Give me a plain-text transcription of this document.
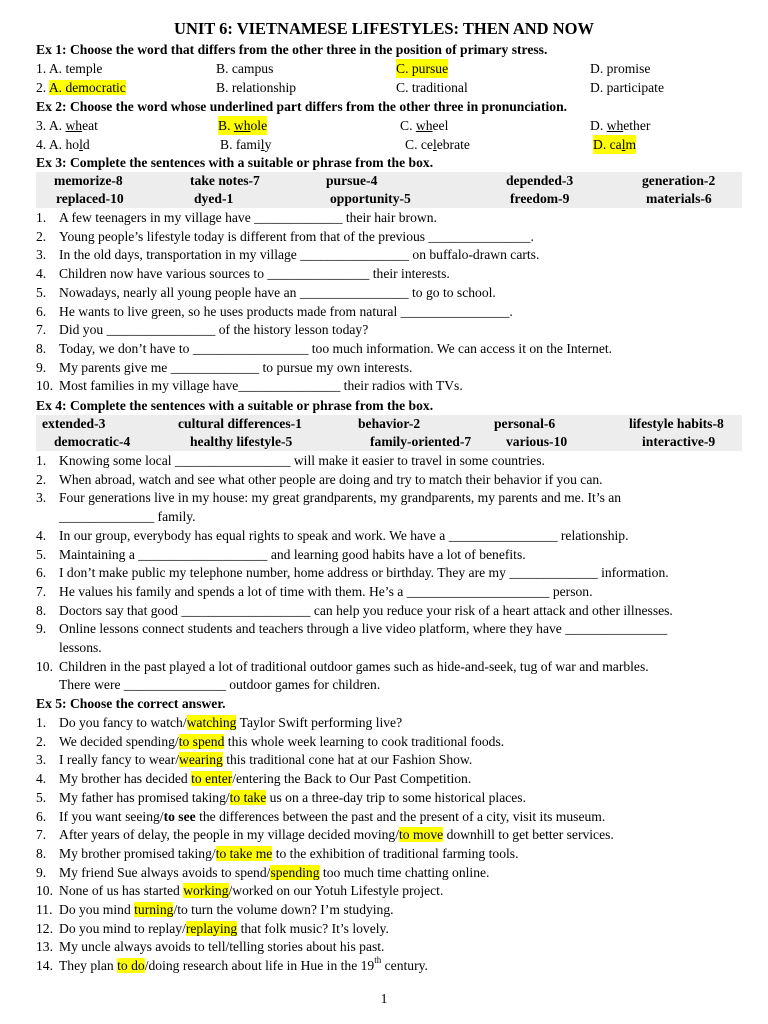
UNIT 6: VIETNAMESE LIFESTYLES: THEN AND NOW
Ex 1: Choose the word that differs from the other three in the position of primary stress.
1. A. temple	B. campus	C. pursue	D. promise
2. A. democratic	B. relationship	C. traditional	D. participate
Ex 2: Choose the word whose underlined part differs from the other three in pronunciation.
3. A. wheat	B. whole	C. wheel	D. whether
4. A. hold	B. family	C. celebrate	D. calm
Ex 3: Complete the sentences with a suitable or phrase from the box.
memorize-8	take notes-7	pursue-4	depended-3	generation-2
replaced-10	dyed-1	opportunity-5	freedom-9	materials-6
1. A few teenagers in my village have _____________ their hair brown.
2. Young people’s lifestyle today is different from that of the previous _______________.
3. In the old days, transportation in my village ________________ on buffalo-drawn carts.
4. Children now have various sources to _______________ their interests.
5. Nowadays, nearly all young people have an ________________ to go to school.
6. He wants to live green, so he uses products made from natural ________________.
7. Did you ________________ of the history lesson today?
8. Today, we don’t have to _________________ too much information. We can access it on the Internet.
9. My parents give me _____________ to pursue my own interests.
10. Most families in my village have_______________ their radios with TVs.
Ex 4: Complete the sentences with a suitable or phrase from the box.
extended-3	cultural differences-1	behavior-2	personal-6	lifestyle habits-8
democratic-4	healthy lifestyle-5	family-oriented-7	various-10	interactive-9
1. Knowing some local _________________ will make it easier to travel in some countries.
2. When abroad, watch and see what other people are doing and try to match their behavior if you can.
3. Four generations live in my house: my great grandparents, my grandparents, my parents and me. It’s an
______________ family.
4. In our group, everybody has equal rights to speak and work. We have a ________________ relationship.
5. Maintaining a ___________________ and learning good habits have a lot of benefits.
6. I don’t make public my telephone number, home address or birthday. They are my _____________ information.
7. He values his family and spends a lot of time with them. He’s a _____________________ person.
8. Doctors say that good ___________________ can help you reduce your risk of a heart attack and other illnesses.
9. Online lessons connect students and teachers through a live video platform, where they have _______________
lessons.
10. Children in the past played a lot of traditional outdoor games such as hide-and-seek, tug of war and marbles.
There were _______________ outdoor games for children.
Ex 5: Choose the correct answer.
1. Do you fancy to watch/watching Taylor Swift performing live?
2. We decided spending/to spend this whole week learning to cook traditional foods.
3. I really fancy to wear/wearing this traditional cone hat at our Fashion Show.
4. My brother has decided to enter/entering the Back to Our Past Competition.
5. My father has promised taking/to take us on a three-day trip to some historical places.
6. If you want seeing/to see the differences between the past and the present of a city, visit its museum.
7. After years of delay, the people in my village decided moving/to move downhill to get better services.
8. My brother promised taking/to take me to the exhibition of traditional farming tools.
9. My friend Sue always avoids to spend/spending too much time chatting online.
10. None of us has started working/worked on our Yotuh Lifestyle project.
11. Do you mind turning/to turn the volume down? I’m studying.
12. Do you mind to replay/replaying that folk music? It’s lovely.
13. My uncle always avoids to tell/telling stories about his past.
14. They plan to do/doing research about life in Hue in the 19th century.
1
